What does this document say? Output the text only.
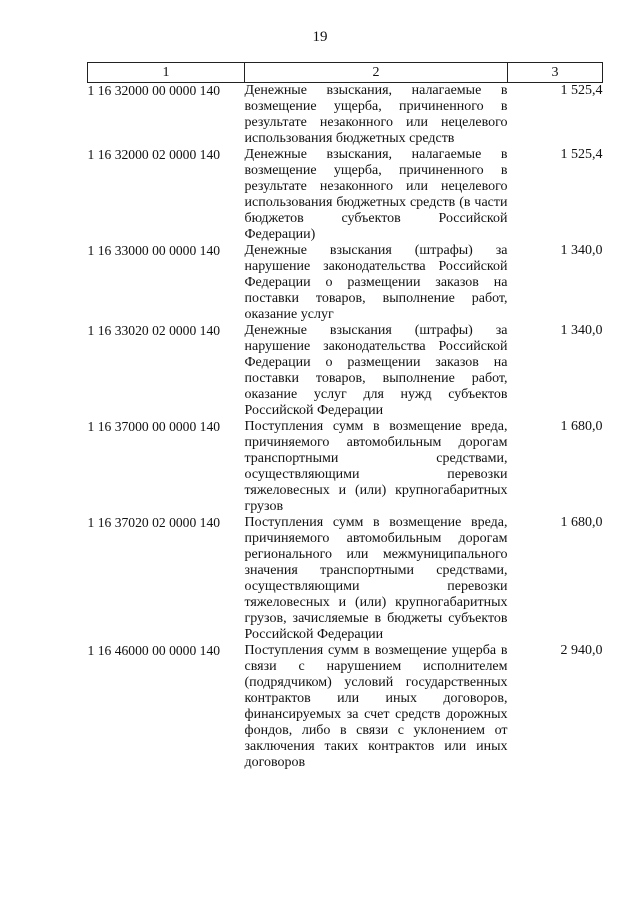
19
1	2	3
1 16 32000 00 0000 140	Денежные взыскания, налагаемые в возмещение ущерба, причиненного в результате незаконного или нецелевого использования бюджетных средств	1 525,4
1 16 32000 02 0000 140	Денежные взыскания, налагаемые в возмещение ущерба, причиненного в результате незаконного или нецелевого использования бюджетных средств (в части бюджетов субъектов Российской Федерации)	1 525,4
1 16 33000 00 0000 140	Денежные взыскания (штрафы) за нарушение законодательства Российской Федерации о размещении заказов на поставки товаров, выполнение работ, оказание услуг	1 340,0
1 16 33020 02 0000 140	Денежные взыскания (штрафы) за нарушение законодательства Российской Федерации о размещении заказов на поставки товаров, выполнение работ, оказание услуг для нужд субъектов Российской Федерации	1 340,0
1 16 37000 00 0000 140	Поступления сумм в возмещение вреда, причиняемого автомобильным дорогам транспортными средствами, осуществляющими перевозки тяжеловесных и (или) крупногабаритных грузов	1 680,0
1 16 37020 02 0000 140	Поступления сумм в возмещение вреда, причиняемого автомобильным дорогам регионального или межмуниципального значения транспортными средствами, осуществляющими перевозки тяжеловесных и (или) крупногабаритных грузов, зачисляемые в бюджеты субъектов Российской Федерации	1 680,0
1 16 46000 00 0000 140	Поступления сумм в возмещение ущерба в связи с нарушением исполнителем (подрядчиком) условий государственных контрактов или иных договоров, финансируемых за счет средств дорожных фондов, либо в связи с уклонением от заключения таких контрактов или иных договоров	2 940,0
